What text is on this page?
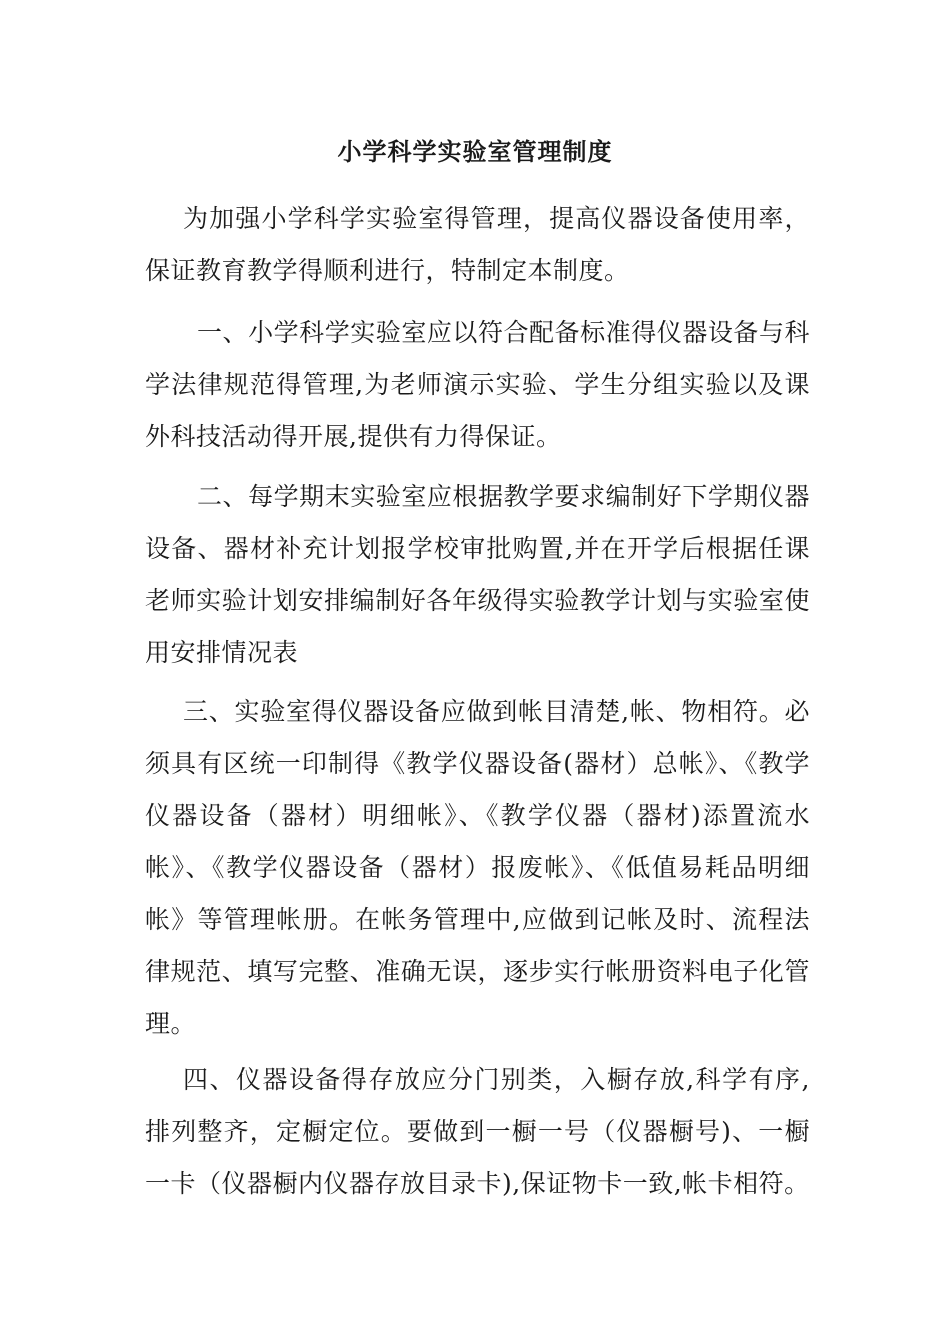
小学科学实验室管理制度

为加强小学科学实验室得管理，提高仪器设备使用率，保证教育教学得顺利进行，特制定本制度。

一、小学科学实验室应以符合配备标准得仪器设备与科学法律规范得管理,为老师演示实验、学生分组实验以及课外科技活动得开展,提供有力得保证。

二、每学期末实验室应根据教学要求编制好下学期仪器设备、器材补充计划报学校审批购置,并在开学后根据任课老师实验计划安排编制好各年级得实验教学计划与实验室使用安排情况表

三、实验室得仪器设备应做到帐目清楚,帐、物相符。必须具有区统一印制得《教学仪器设备(器材）总帐》、《教学仪器设备（器材）明细帐》、《教学仪器（器材)添置流水帐》、《教学仪器设备（器材）报废帐》、《低值易耗品明细帐》等管理帐册。在帐务管理中,应做到记帐及时、流程法律规范、填写完整、准确无误，逐步实行帐册资料电子化管理。

四、仪器设备得存放应分门别类，入橱存放,科学有序,排列整齐，定橱定位。要做到一橱一号（仪器橱号)、一橱一卡（仪器橱内仪器存放目录卡),保证物卡一致,帐卡相符。
